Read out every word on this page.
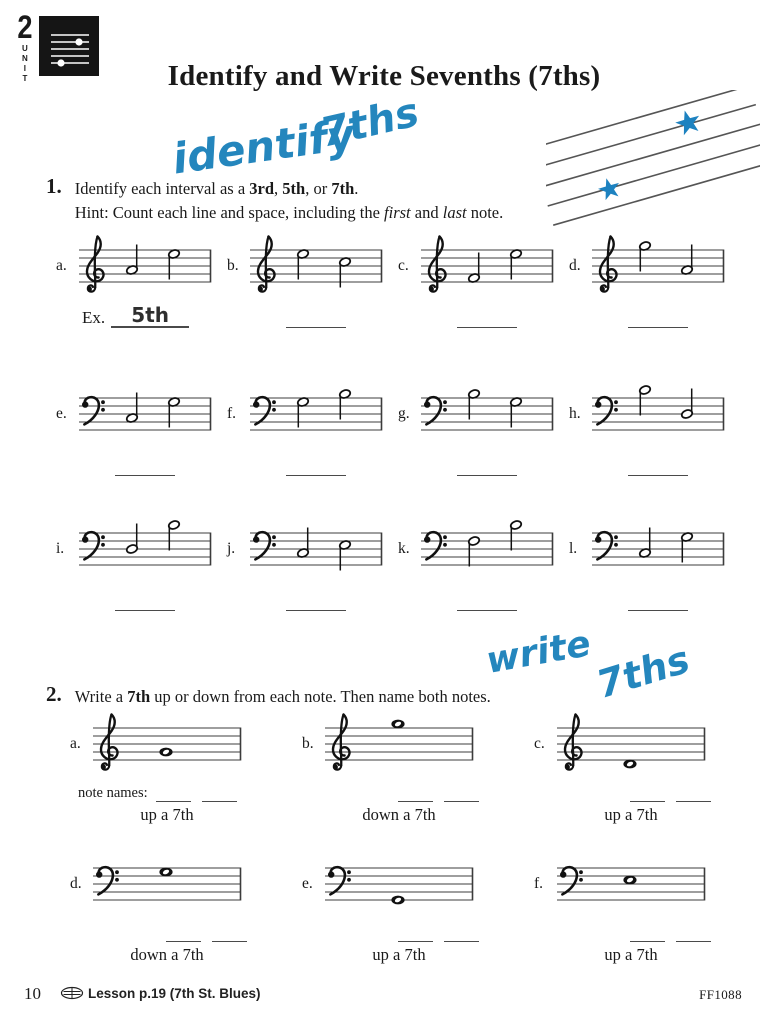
2
U
N
I
T	Identify and Write Sevenths (7ths)
identify
7ths
write
7ths
1. Identify each interval as a 3rd, 5th, or 7th.
Hint: Count each line and space, including the first and last note.
a.
Ex.	5th
b.	c.	d.
e.	f.	g.	h.
i.	j.	k.	l.
2. Write a 7th up or down from each note. Then name both notes.
a.
note names:
up a 7th
b.
down a 7th
c.
up a 7th
d.
down a 7th
e.
up a 7th
f.
up a 7th
10	Lesson p.19 (7th St. Blues)	FF1088
